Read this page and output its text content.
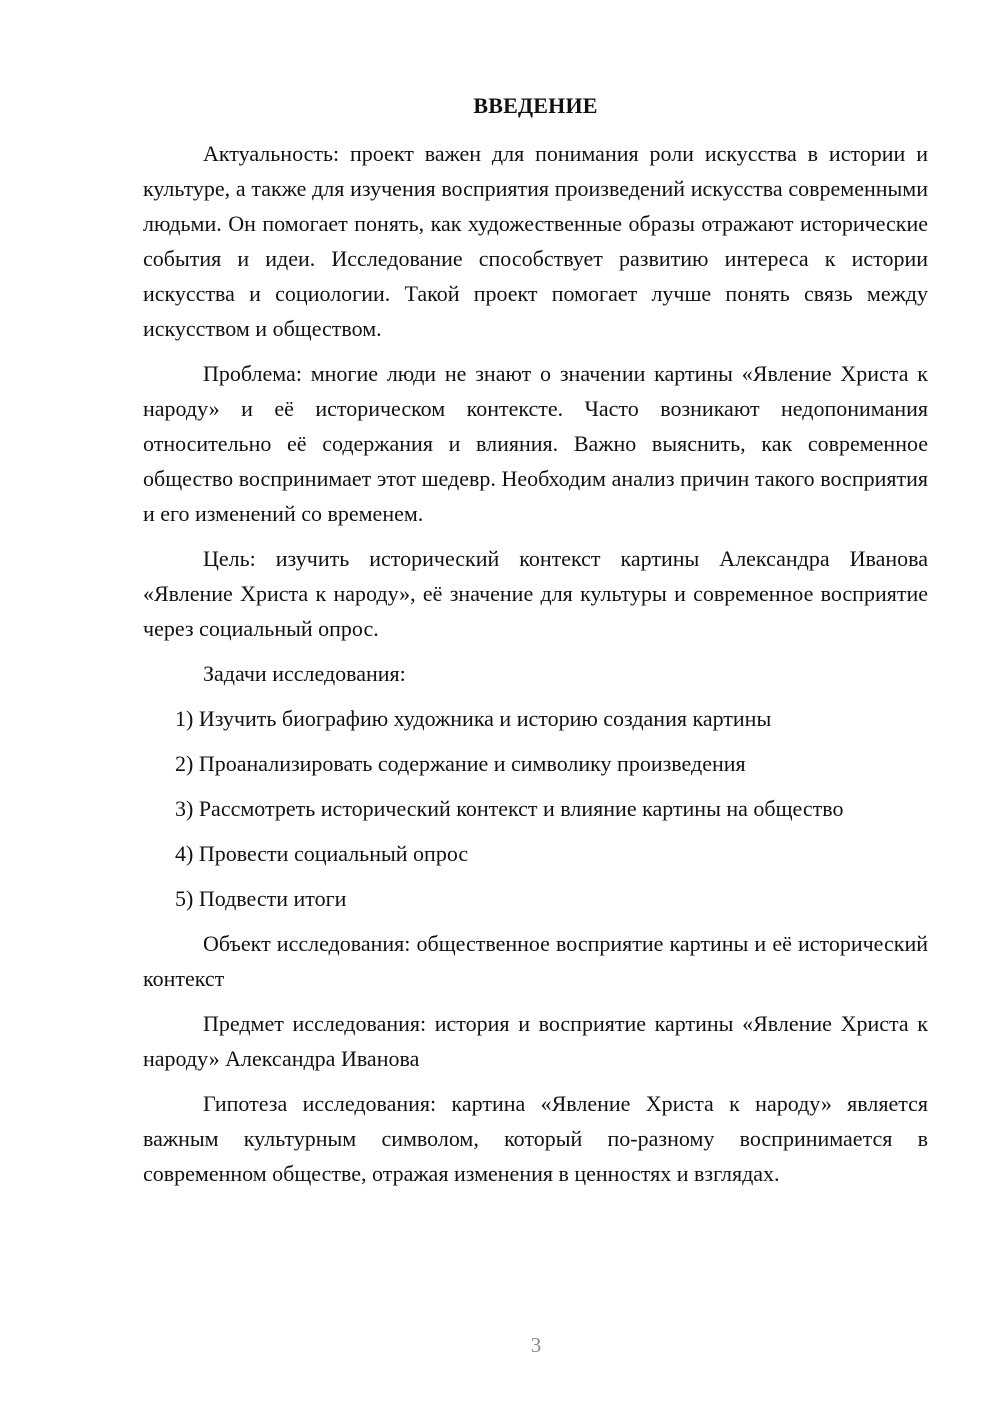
ВВЕДЕНИЕ

Актуальность: проект важен для понимания роли искусства в истории и культуре, а также для изучения восприятия произведений искусства современными людьми. Он помогает понять, как художественные образы отражают исторические события и идеи. Исследование способствует развитию интереса к истории искусства и социологии. Такой проект помогает лучше понять связь между искусством и обществом.

Проблема: многие люди не знают о значении картины «Явление Христа к народу» и её историческом контексте. Часто возникают недопонимания относительно её содержания и влияния. Важно выяснить, как современное общество воспринимает этот шедевр. Необходим анализ причин такого восприятия и его изменений со временем.

Цель: изучить исторический контекст картины Александра Иванова «Явление Христа к народу», её значение для культуры и современное восприятие через социальный опрос.

Задачи исследования:

1) Изучить биографию художника и историю создания картины

2) Проанализировать содержание и символику произведения

3) Рассмотреть исторический контекст и влияние картины на общество

4) Провести социальный опрос

5) Подвести итоги

Объект исследования: общественное восприятие картины и её исторический контекст

Предмет исследования: история и восприятие картины «Явление Христа к народу» Александра Иванова

Гипотеза исследования: картина «Явление Христа к народу» является важным культурным символом, который по-разному воспринимается в современном обществе, отражая изменения в ценностях и взглядах.

3
